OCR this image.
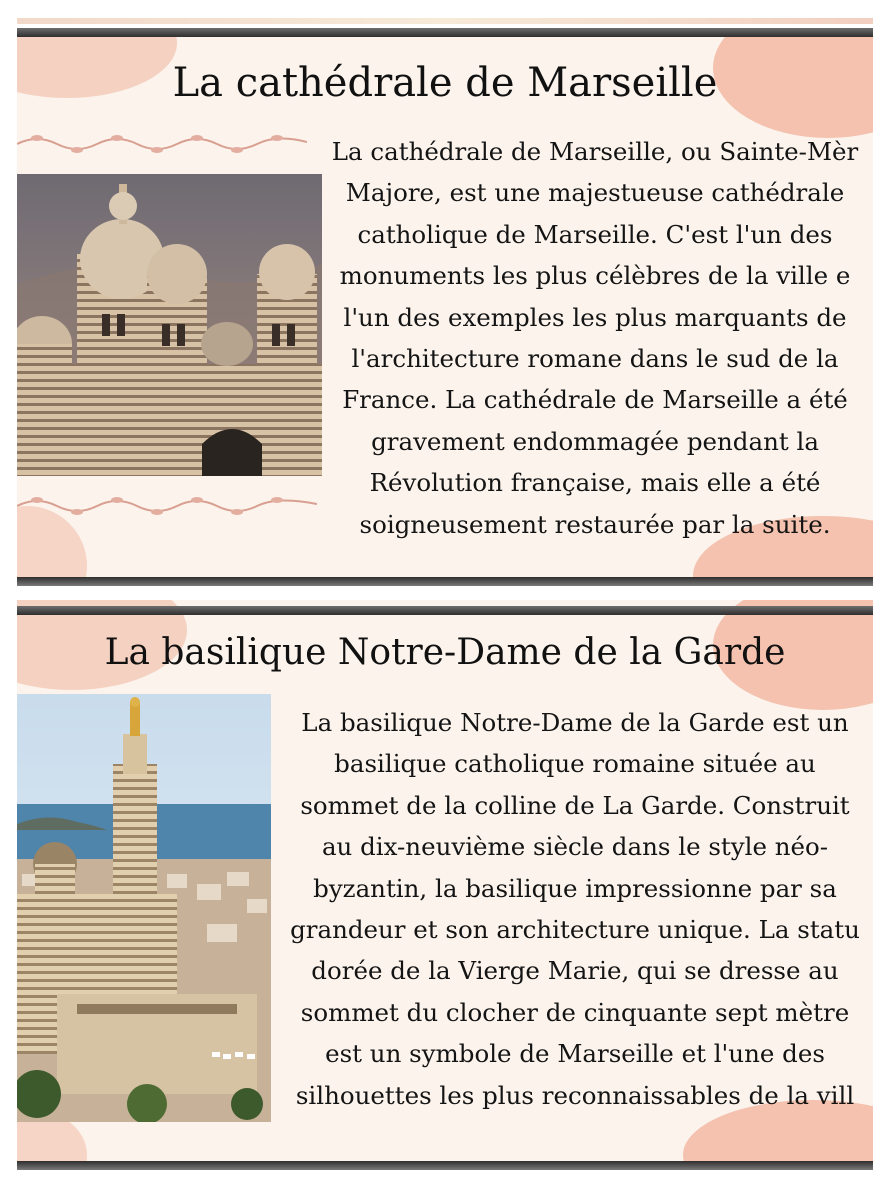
La cathédrale de Marseille
La cathédrale de Marseille, ou Sainte-Mèr
Majore, est une majestueuse cathédrale
catholique de Marseille. C'est l'un des
monuments les plus célèbres de la ville e
l'un des exemples les plus marquants de
l'architecture romane dans le sud de la
France. La cathédrale de Marseille a été
gravement endommagée pendant la
Révolution française, mais elle a été
soigneusement restaurée par la suite.
La basilique Notre-Dame de la Garde
La basilique Notre-Dame de la Garde est un
basilique catholique romaine située au
sommet de la colline de La Garde. Construit
au dix-neuvième siècle dans le style néo-
byzantin, la basilique impressionne par sa
grandeur et son architecture unique. La statu
dorée de la Vierge Marie, qui se dresse au
sommet du clocher de cinquante sept mètre
est un symbole de Marseille et l'une des
silhouettes les plus reconnaissables de la vill
